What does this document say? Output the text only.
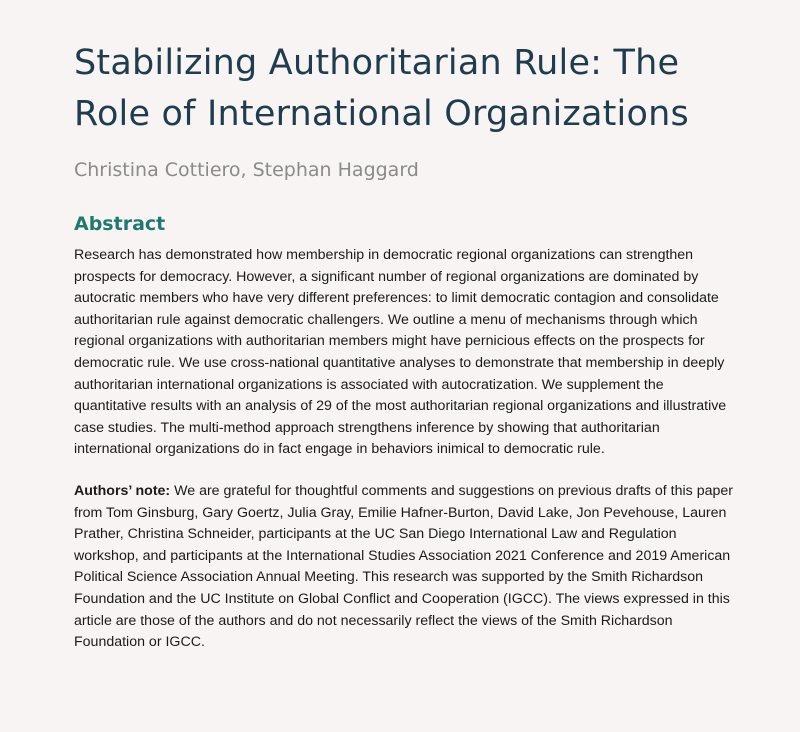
Stabilizing Authoritarian Rule: The Role of International Organizations
Christina Cottiero, Stephan Haggard
Abstract

Research has demonstrated how membership in democratic regional organizations can strengthen prospects for democracy. However, a significant number of regional organizations are dominated by autocratic members who have very different preferences: to limit democratic contagion and consolidate authoritarian rule against democratic challengers. We outline a menu of mechanisms through which regional organizations with authoritarian members might have pernicious effects on the prospects for democratic rule. We use cross-national quantitative analyses to demonstrate that membership in deeply authoritarian international organizations is associated with autocratization. We supplement the quantitative results with an analysis of 29 of the most authoritarian regional organizations and illustrative case studies. The multi-method approach strengthens inference by showing that authoritarian international organizations do in fact engage in behaviors inimical to democratic rule.

Authors’ note: We are grateful for thoughtful comments and suggestions on previous drafts of this paper from Tom Ginsburg, Gary Goertz, Julia Gray, Emilie Hafner-Burton, David Lake, Jon Pevehouse, Lauren Prather, Christina Schneider, participants at the UC San Diego International Law and Regulation workshop, and participants at the International Studies Association 2021 Conference and 2019 American Political Science Association Annual Meeting. This research was supported by the Smith Richardson Foundation and the UC Institute on Global Conflict and Cooperation (IGCC). The views expressed in this article are those of the authors and do not necessarily reflect the views of the Smith Richardson Foundation or IGCC.
